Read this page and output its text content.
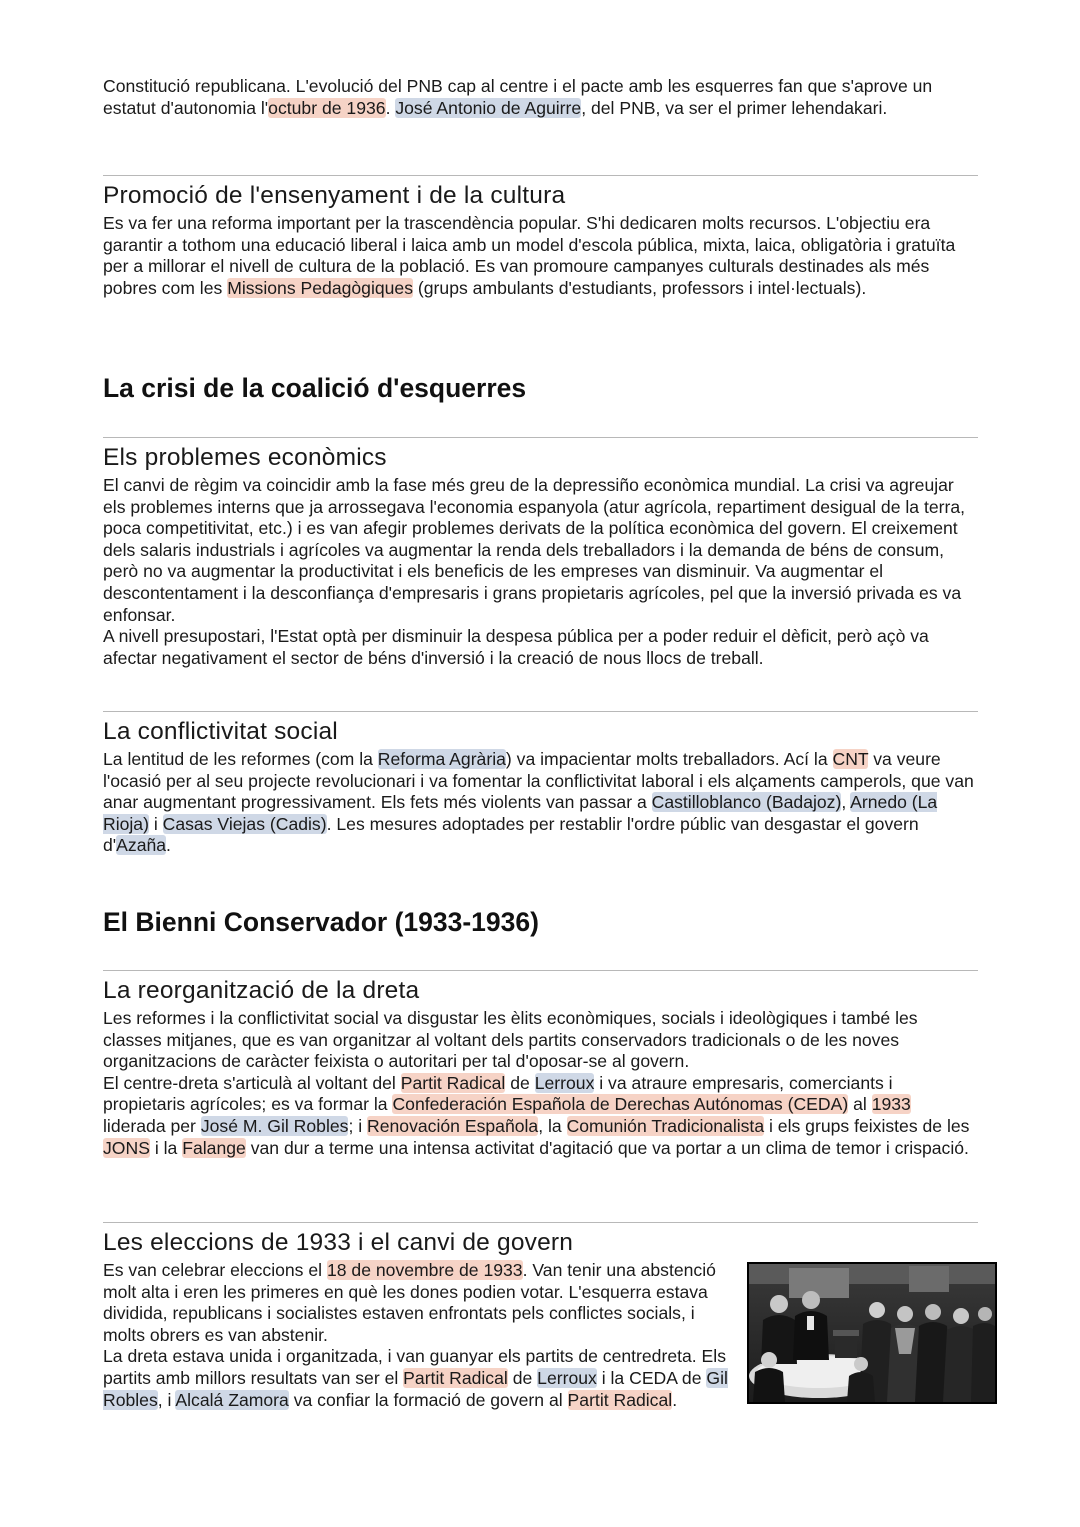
Constitució republicana. L'evolució del PNB cap al centre i el pacte amb les esquerres fan que s'aprove un estatut d'autonomia l'octubr de 1936. José Antonio de Aguirre, del PNB, va ser el primer lehendakari.

Promoció de l'ensenyament i de la cultura

Es va fer una reforma important per la trascendència popular. S'hi dedicaren molts recursos. L'objectiu era garantir a tothom una educació liberal i laica amb un model d'escola pública, mixta, laica, obligatòria i gratuïta per a millorar el nivell de cultura de la població. Es van promoure campanyes culturals destinades als més pobres com les Missions Pedagògiques (grups ambulants d'estudiants, professors i intel·lectuals).

La crisi de la coalició d'esquerres
Els problemes econòmics

El canvi de règim va coincidir amb la fase més greu de la depressiño econòmica mundial. La crisi va agreujar els problemes interns que ja arrossegava l'economia espanyola (atur agrícola, repartiment desigual de la terra, poca competitivitat, etc.) i es van afegir problemes derivats de la política econòmica del govern. El creixement dels salaris industrials i agrícoles va augmentar la renda dels treballadors i la demanda de béns de consum, però no va augmentar la productivitat i els beneficis de les empreses van disminuir. Va augmentar el descontentament i la desconfiança d'empresaris i grans propietaris agrícoles, pel que la inversió privada es va enfonsar.

A nivell presupostari, l'Estat optà per disminuir la despesa pública per a poder reduir el dèficit, però açò va afectar negativament el sector de béns d'inversió i la creació de nous llocs de treball.

La conflictivitat social

La lentitud de les reformes (com la Reforma Agrària) va impacientar molts treballadors. Ací la CNT va veure l'ocasió per al seu projecte revolucionari i va fomentar la conflictivitat laboral i els alçaments camperols, que van anar augmentant progressivament. Els fets més violents van passar a Castilloblanco (Badajoz), Arnedo (La Rioja) i Casas Viejas (Cadis). Les mesures adoptades per restablir l'ordre públic van desgastar el govern d'Azaña.

El Bienni Conservador (1933-1936)
La reorganització de la dreta

Les reformes i la conflictivitat social va disgustar les èlits econòmiques, socials i ideològiques i també les classes mitjanes, que es van organitzar al voltant dels partits conservadors tradicionals o de les noves organitzacions de caràcter feixista o autoritari per tal d'oposar-se al govern.

El centre-dreta s'articulà al voltant del Partit Radical de Lerroux i va atraure empresaris, comerciants i propietaris agrícoles; es va formar la Confederación Española de Derechas Autónomas (CEDA) al 1933 liderada per José M. Gil Robles; i Renovación Española, la Comunión Tradicionalista i els grups feixistes de les JONS i la Falange van dur a terme una intensa activitat d'agitació que va portar a un clima de temor i crispació.

Les eleccions de 1933 i el canvi de govern

Es van celebrar eleccions el 18 de novembre de 1933. Van tenir una abstenció molt alta i eren les primeres en què les dones podien votar. L'esquerra estava dividida, republicans i socialistes estaven enfrontats pels conflictes socials, i molts obrers es van abstenir.

La dreta estava unida i organitzada, i van guanyar els partits de centredreta. Els partits amb millors resultats van ser el Partit Radical de Lerroux i la CEDA de Gil Robles, i Alcalá Zamora va confiar la formació de govern al Partit Radical.
